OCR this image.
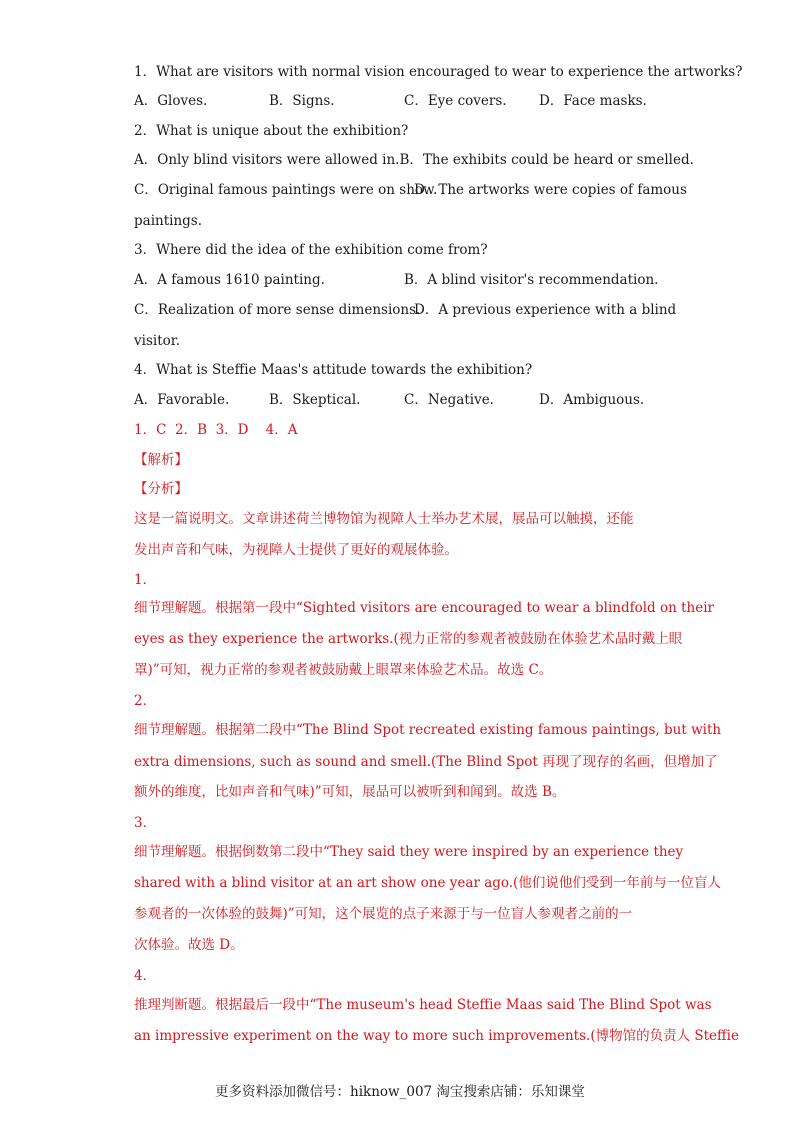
1．What are visitors with normal vision encouraged to wear to experience the artworks?
A．Gloves.	B．Signs.	C．Eye covers.	D．Face masks.
2．What is unique about the exhibition?
A．Only blind visitors were allowed in. B．The exhibits could be heard or smelled.
C．Original famous paintings were on show.
D．The artworks were copies of famous
paintings.
3．Where did the idea of the exhibition come from?
A．A famous 1610 painting.	B．A blind visitor's recommendation.
C．Realization of more sense dimensions.
D．A previous experience with a blind
visitor.
4．What is Steffie Maas's attitude towards the exhibition?
A．Favorable.	B．Skeptical.	C．Negative.	D．Ambiguous.
1．C  2．B  3．D    4．A
【解析】
【分析】
这是一篇说明文。文章讲述荷兰博物馆为视障人士举办艺术展，展品可以触摸，还能
发出声音和气味，为视障人士提供了更好的观展体验。
1．
细节理解题。根据第一段中“Sighted visitors are encouraged to wear a blindfold on their
eyes as they experience the artworks.(视力正常的参观者被鼓励在体验艺术品时戴上眼
罩)”可知，视力正常的参观者被鼓励戴上眼罩来体验艺术品。故选 C。
2．
细节理解题。根据第二段中“The Blind Spot recreated existing famous paintings, but with
extra dimensions, such as sound and smell.(The Blind Spot 再现了现存的名画，但增加了
额外的维度，比如声音和气味)”可知，展品可以被听到和闻到。故选 B。
3．
细节理解题。根据倒数第二段中“They said they were inspired by an experience they
shared with a blind visitor at an art show one year ago.(他们说他们受到一年前与一位盲人
参观者的一次体验的鼓舞)”可知，这个展览的点子来源于与一位盲人参观者之前的一
次体验。故选 D。
4．
推理判断题。根据最后一段中“The museum's head Steffie Maas said The Blind Spot was
an impressive experiment on the way to more such improvements.(博物馆的负责人 Steffie
更多资料添加微信号：hiknow_007 淘宝搜索店铺：乐知课堂
